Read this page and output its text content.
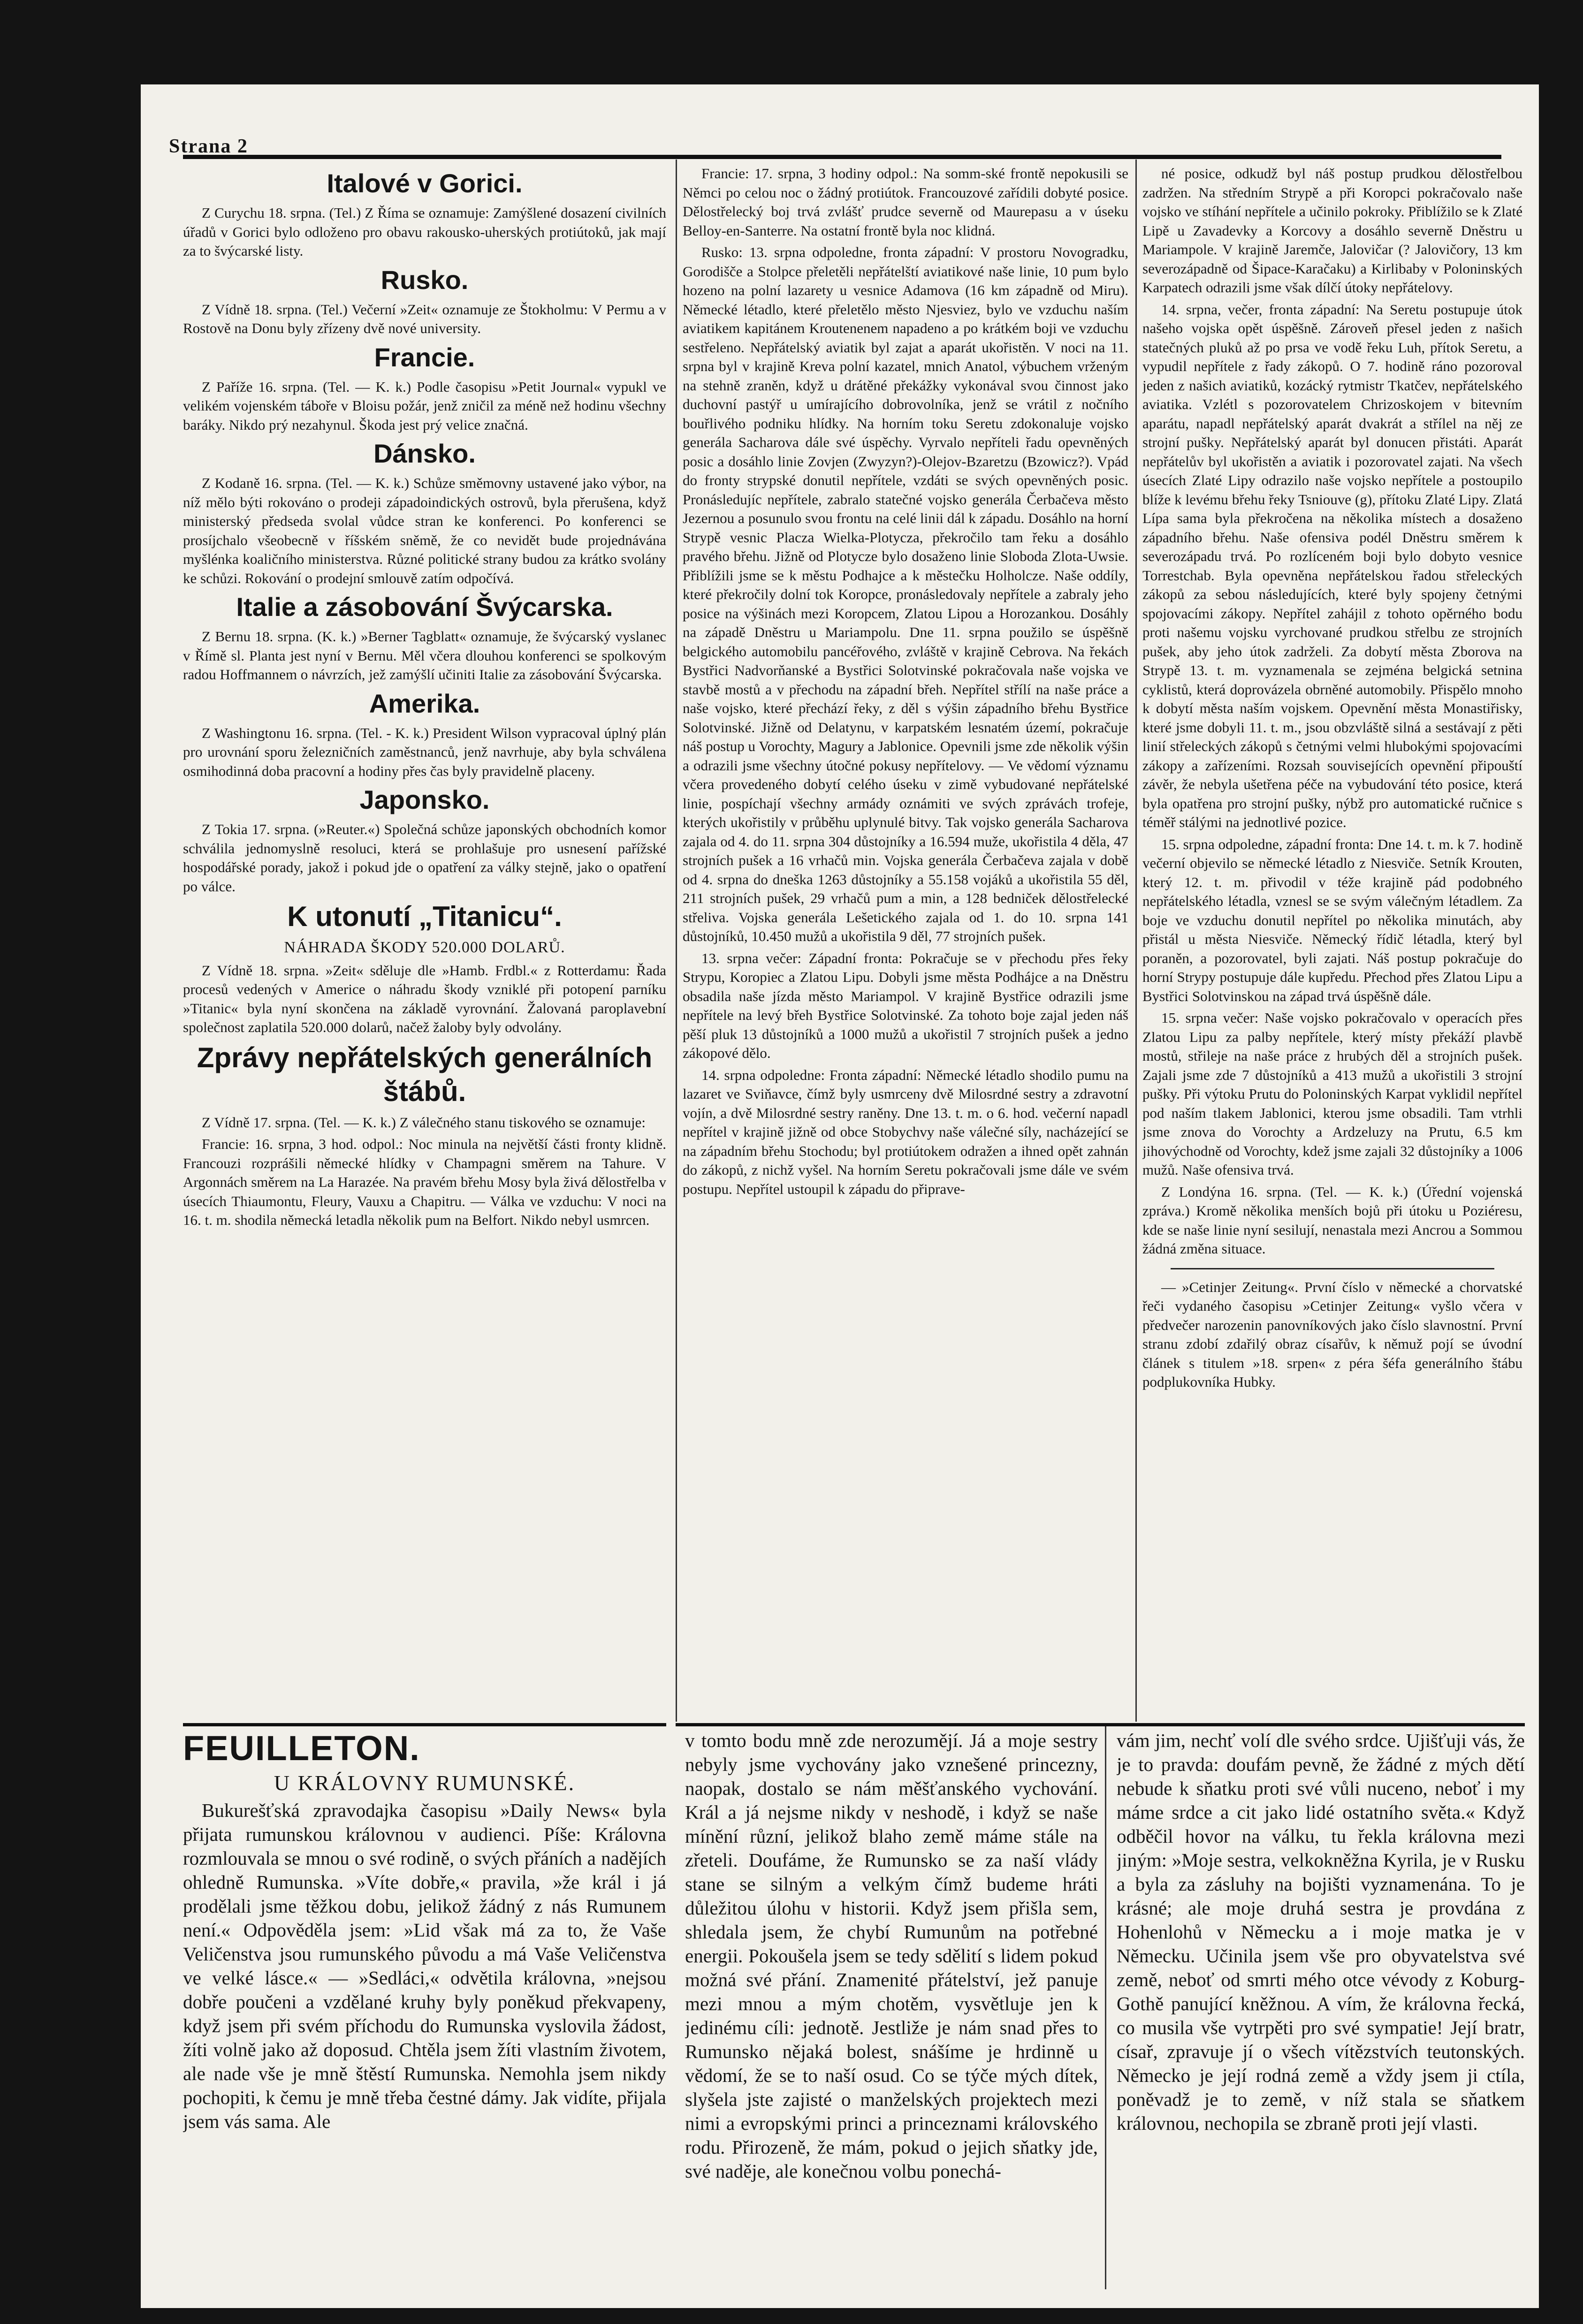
Strana 2
Italové v Gorici.

Z Curychu 18. srpna. (Tel.) Z Říma se oznamuje: Zamýšlené dosazení civilních úřadů v Gorici bylo odloženo pro obavu rakousko-uherských protiútoků, jak mají za to švýcarské listy.

Rusko.

Z Vídně 18. srpna. (Tel.) Večerní »Zeit« oznamuje ze Štokholmu: V Permu a v Rostově na Donu byly zřízeny dvě nové university.

Francie.

Z Paříže 16. srpna. (Tel. — K. k.) Podle časopisu »Petit Journal« vypukl ve velikém vojenském táboře v Bloisu požár, jenž zničil za méně než hodinu všechny baráky. Nikdo prý nezahynul. Škoda jest prý velice značná.

Dánsko.

Z Kodaně 16. srpna. (Tel. — K. k.) Schůze směmovny ustavené jako výbor, na níž mělo býti rokováno o prodeji západoindických ostrovů, byla přerušena, když ministerský předseda svolal vůdce stran ke konferenci. Po konferenci se prosíjchalo všeobecně v říšském sněmě, že co nevidět bude projednávána myšlénka koaličního ministerstva. Různé politické strany budou za krátko svolány ke schůzi. Rokování o prodejní smlouvě zatím odpočívá.

Italie a zásobování Švýcarska.

Z Bernu 18. srpna. (K. k.) »Berner Tagblatt« oznamuje, že švýcarský vyslanec v Římě sl. Planta jest nyní v Bernu. Měl včera dlouhou konferenci se spolkovým radou Hoffmannem o návrzích, jež zamýšlí učiniti Italie za zásobování Švýcarska.

Amerika.

Z Washingtonu 16. srpna. (Tel. - K. k.) President Wilson vypracoval úplný plán pro urovnání sporu železničních zaměstnanců, jenž navrhuje, aby byla schválena osmihodinná doba pracovní a hodiny přes čas byly pravidelně placeny.

Japonsko.

Z Tokia 17. srpna. (»Reuter.«) Společná schůze japonských obchodních komor schválila jednomyslně resoluci, která se prohlašuje pro usnesení pařížské hospodářské porady, jakož i pokud jde o opatření za války stejně, jako o opatření po válce.

K utonutí „Titanicu“.
NÁHRADA ŠKODY 520.000 DOLARŮ.

Z Vídně 18. srpna. »Zeit« sděluje dle »Hamb. Frdbl.« z Rotterdamu: Řada procesů vedených v Americe o náhradu škody vzniklé při potopení parníku »Titanic« byla nyní skončena na základě vyrovnání. Žalovaná paroplavební společnost zaplatila 520.000 dolarů, načež žaloby byly odvolány.

Zprávy nepřátelských generálních štábů.

Z Vídně 17. srpna. (Tel. — K. k.) Z válečného stanu tiskového se oznamuje:

Francie: 16. srpna, 3 hod. odpol.: Noc minula na největší části fronty klidně. Francouzi rozprášili německé hlídky v Champagni směrem na Tahure. V Argonnách směrem na La Harazée. Na pravém břehu Mosy byla živá dělostřelba v úsecích Thiaumontu, Fleury, Vauxu a Chapitru. — Válka ve vzduchu: V noci na 16. t. m. shodila německá letadla několik pum na Belfort. Nikdo nebyl usmrcen.

Francie: 17. srpna, 3 hodiny odpol.: Na somm-ské frontě nepokusili se Němci po celou noc o žádný protiútok. Francouzové zařídili dobyté posice. Dělostřelecký boj trvá zvlášť prudce severně od Maurepasu a v úseku Belloy-en-Santerre. Na ostatní frontě byla noc klidná.

Rusko: 13. srpna odpoledne, fronta západní: V prostoru Novogradku, Gorodišče a Stolpce přeletěli nepřátelští aviatikové naše linie, 10 pum bylo hozeno na polní lazarety u vesnice Adamova (16 km západně od Miru). Německé létadlo, které přeletělo město Njesviez, bylo ve vzduchu naším aviatikem kapitánem Kroutenenem napadeno a po krátkém boji ve vzduchu sestřeleno. Nepřátelský aviatik byl zajat a aparát ukořistěn. V noci na 11. srpna byl v krajině Kreva polní kazatel, mnich Anatol, výbuchem vrženým na stehně zraněn, když u drátěné překážky vykonával svou činnost jako duchovní pastýř u umírajícího dobrovolníka, jenž se vrátil z nočního bouřlivého podniku hlídky. Na horním toku Seretu zdokonaluje vojsko generála Sacharova dále své úspěchy. Vyrvalo nepříteli řadu opevněných posic a dosáhlo linie Zovjen (Zwyzyn?)-Olejov-Bzaretzu (Bzowicz?). Vpád do fronty strypské donutil nepřítele, vzdáti se svých opevněných posic. Pronásledujíc nepřítele, zabralo statečné vojsko generála Čerbačeva město Jezernou a posunulo svou frontu na celé linii dál k západu. Dosáhlo na horní Strypě vesnic Placza Wielka-Plotycza, překročilo tam řeku a dosáhlo pravého břehu. Jižně od Plotycze bylo dosaženo linie Sloboda Zlota-Uwsie. Přiblížili jsme se k městu Podhajce a k městečku Holholcze. Naše oddíly, které překročily dolní tok Koropce, pronásledovaly nepřítele a zabraly jeho posice na výšinách mezi Koropcem, Zlatou Lipou a Horozankou. Dosáhly na západě Dněstru u Mariampolu. Dne 11. srpna použilo se úspěšně belgického automobilu pancéřového, zvláště v krajině Cebrova. Na řekách Bystřici Nadvorňanské a Bystřici Solotvinské pokračovala naše vojska ve stavbě mostů a v přechodu na západní břeh. Nepřítel střílí na naše práce a naše vojsko, které přechází řeky, z děl s výšin západního břehu Bystřice Solotvinské. Jižně od Delatynu, v karpatském lesnatém území, pokračuje náš postup u Vorochty, Magury a Jablonice. Opevnili jsme zde několik výšin a odrazili jsme všechny útočné pokusy nepřítelovy. — Ve vědomí významu včera provedeného dobytí celého úseku v zimě vybudované nepřátelské linie, pospíchají všechny armády oznámiti ve svých zprávách trofeje, kterých ukořistily v průběhu uplynulé bitvy. Tak vojsko generála Sacharova zajala od 4. do 11. srpna 304 důstojníky a 16.594 muže, ukořistila 4 děla, 47 strojních pušek a 16 vrhačů min. Vojska generála Čerbačeva zajala v době od 4. srpna do dneška 1263 důstojníky a 55.158 vojáků a ukořistila 55 děl, 211 strojních pušek, 29 vrhačů pum a min, a 128 bedniček dělostřelecké střeliva. Vojska generála Lešetického zajala od 1. do 10. srpna 141 důstojníků, 10.450 mužů a ukořistila 9 děl, 77 strojních pušek.

13. srpna večer: Západní fronta: Pokračuje se v přechodu přes řeky Strypu, Koropiec a Zlatou Lipu. Dobyli jsme města Podhájce a na Dněstru obsadila naše jízda město Mariampol. V krajině Bystřice odrazili jsme nepřítele na levý břeh Bystřice Solotvinské. Za tohoto boje zajal jeden náš pěší pluk 13 důstojníků a 1000 mužů a ukořistil 7 strojních pušek a jedno zákopové dělo.

14. srpna odpoledne: Fronta západní: Německé létadlo shodilo pumu na lazaret ve Sviňavce, čímž byly usmrceny dvě Milosrdné sestry a zdravotní vojín, a dvě Milosrdné sestry raněny. Dne 13. t. m. o 6. hod. večerní napadl nepřítel v krajině jižně od obce Stobychvy naše válečné síly, nacházející se na západním břehu Stochodu; byl protiútokem odražen a ihned opět zahnán do zákopů, z nichž vyšel. Na horním Seretu pokračovali jsme dále ve svém postupu. Nepřítel ustoupil k západu do připrave-

né posice, odkudž byl náš postup prudkou dělostřelbou zadržen. Na středním Strypě a při Koropci pokračovalo naše vojsko ve stíhání nepřítele a učinilo pokroky. Přiblížilo se k Zlaté Lipě u Zavadevky a Korcovy a dosáhlo severně Dněstru u Mariampole. V krajině Jaremče, Jalovičar (? Jalovičory, 13 km severozápadně od Šipace-Karačaku) a Kirlibaby v Poloninských Karpatech odrazili jsme však dílčí útoky nepřátelovy.

14. srpna, večer, fronta západní: Na Seretu postupuje útok našeho vojska opět úspěšně. Zároveň přesel jeden z našich statečných pluků až po prsa ve vodě řeku Luh, přítok Seretu, a vypudil nepřítele z řady zákopů. O 7. hodině ráno pozoroval jeden z našich aviatiků, kozácký rytmistr Tkatčev, nepřátelského aviatika. Vzlétl s pozorovatelem Chrizoskojem v bitevním aparátu, napadl nepřátelský aparát dvakrát a střílel na něj ze strojní pušky. Nepřátelský aparát byl donucen přistáti. Aparát nepřátelův byl ukořistěn a aviatik i pozorovatel zajati. Na všech úsecích Zlaté Lipy odrazilo naše vojsko nepřítele a postoupilo blíže k levému břehu řeky Tsniouve (g), přítoku Zlaté Lipy. Zlatá Lípa sama byla překročena na několika místech a dosaženo západního břehu. Naše ofensiva podél Dněstru směrem k severozápadu trvá. Po rozlíceném boji bylo dobyto vesnice Torrestchab. Byla opevněna nepřátelskou řadou střeleckých zákopů za sebou následujících, které byly spojeny četnými spojovacími zákopy. Nepřítel zahájil z tohoto opěrného bodu proti našemu vojsku vyrchované prudkou střelbu ze strojních pušek, aby jeho útok zadrželi. Za dobytí města Zborova na Strypě 13. t. m. vyznamenala se zejména belgická setnina cyklistů, která doprovázela obrněné automobily. Přispělo mnoho k dobytí města naším vojskem. Opevnění města Monastiřisky, které jsme dobyli 11. t. m., jsou obzvláště silná a sestávají z pěti linií střeleckých zákopů s četnými velmi hlubokými spojovacími zákopy a zařízeními. Rozsah souvisejících opevnění připouští závěr, že nebyla ušetřena péče na vybudování této posice, která byla opatřena pro strojní pušky, nýbž pro automatické ručnice s téměř stálými na jednotlivé pozice.

15. srpna odpoledne, západní fronta: Dne 14. t. m. k 7. hodině večerní objevilo se německé létadlo z Niesviče. Setník Krouten, který 12. t. m. přivodil v téže krajině pád podobného nepřátelského létadla, vznesl se se svým válečným létadlem. Za boje ve vzduchu donutil nepřítel po několika minutách, aby přistál u města Niesviče. Německý řídič létadla, který byl poraněn, a pozorovatel, byli zajati. Náš postup pokračuje do horní Strypy postupuje dále kupředu. Přechod přes Zlatou Lipu a Bystřici Solotvinskou na západ trvá úspěšně dále.

15. srpna večer: Naše vojsko pokračovalo v operacích přes Zlatou Lipu za palby nepřítele, který místy překáží plavbě mostů, střileje na naše práce z hrubých děl a strojních pušek. Zajali jsme zde 7 důstojníků a 413 mužů a ukořistili 3 strojní pušky. Při výtoku Prutu do Poloninských Karpat vyklidil nepřítel pod naším tlakem Jablonici, kterou jsme obsadili. Tam vtrhli jsme znova do Vorochty a Ardzeluzy na Prutu, 6.5 km jihovýchodně od Vorochty, kdež jsme zajali 32 důstojníky a 1006 mužů. Naše ofensiva trvá.

Z Londýna 16. srpna. (Tel. — K. k.) (Úřední vojenská zpráva.) Kromě několika menších bojů při útoku u Poziéresu, kde se naše linie nyní sesilují, nenastala mezi Ancrou a Sommou žádná změna situace.

— »Cetinjer Zeitung«. První číslo v německé a chorvatské řeči vydaného časopisu »Cetinjer Zeitung« vyšlo včera v předvečer narozenin panovníkových jako číslo slavnostní. První stranu zdobí zdařilý obraz císařův, k němuž pojí se úvodní článek s titulem »18. srpen« z péra šéfa generálního štábu podplukovníka Hubky.

FEUILLETON.
U KRÁLOVNY RUMUNSKÉ.

Bukurešťská zpravodajka časopisu »Daily News« byla přijata rumunskou královnou v audienci. Píše: Královna rozmlouvala se mnou o své rodině, o svých přáních a nadějích ohledně Rumunska. »Víte dobře,« pravila, »že král i já prodělali jsme těžkou dobu, jelikož žádný z nás Rumunem není.« Odpověděla jsem: »Lid však má za to, že Vaše Veličenstva jsou rumunského původu a má Vaše Veličenstva ve velké lásce.« — »Sedláci,« odvětila královna, »nejsou dobře poučeni a vzdělané kruhy byly poněkud překvapeny, když jsem při svém příchodu do Rumunska vyslovila žádost, žíti volně jako až doposud. Chtěla jsem žíti vlastním životem, ale nade vše je mně štěstí Rumunska. Nemohla jsem nikdy pochopiti, k čemu je mně třeba čestné dámy. Jak vidíte, přijala jsem vás sama. Ale

v tomto bodu mně zde nerozumějí. Já a moje sestry nebyly jsme vychovány jako vznešené princezny, naopak, dostalo se nám měšťanského vychování. Král a já nejsme nikdy v neshodě, i když se naše mínění různí, jelikož blaho země máme stále na zřeteli. Doufáme, že Rumunsko se za naší vlády stane se silným a velkým čímž budeme hráti důležitou úlohu v historii. Když jsem přišla sem, shledala jsem, že chybí Rumunům na potřebné energii. Pokoušela jsem se tedy sdělití s lidem pokud možná své přání. Znamenité přátelství, jež panuje mezi mnou a mým chotěm, vysvětluje jen k jedinému cíli: jednotě. Jestliže je nám snad přes to Rumunsko nějaká bolest, snášíme je hrdinně u vědomí, že se to naší osud. Co se týče mých dítek, slyšela jste zajisté o manželských projektech mezi nimi a evropskými princi a princeznami královského rodu. Přirozeně, že mám, pokud o jejich sňatky jde, své naděje, ale konečnou volbu ponechá-

vám jim, nechť volí dle svého srdce. Ujišťuji vás, že je to pravda: doufám pevně, že žádné z mých dětí nebude k sňatku proti své vůli nuceno, neboť i my máme srdce a cit jako lidé ostatního světa.« Když odběčil hovor na válku, tu řekla královna mezi jiným: »Moje sestra, velkokněžna Kyrila, je v Rusku a byla za zásluhy na bojišti vyznamenána. To je krásné; ale moje druhá sestra je provdána z Hohenlohů v Německu a i moje matka je v Německu. Učinila jsem vše pro obyvatelstva své země, neboť od smrti mého otce vévody z Koburg-Gothě panující kněžnou. A vím, že královna řecká, co musila vše vytrpěti pro své sympatie! Její bratr, císař, zpravuje jí o všech vítězstvích teutonských. Německo je její rodná země a vždy jsem ji ctíla, poněvadž je to země, v níž stala se sňatkem královnou, nechopila se zbraně proti její vlasti.
